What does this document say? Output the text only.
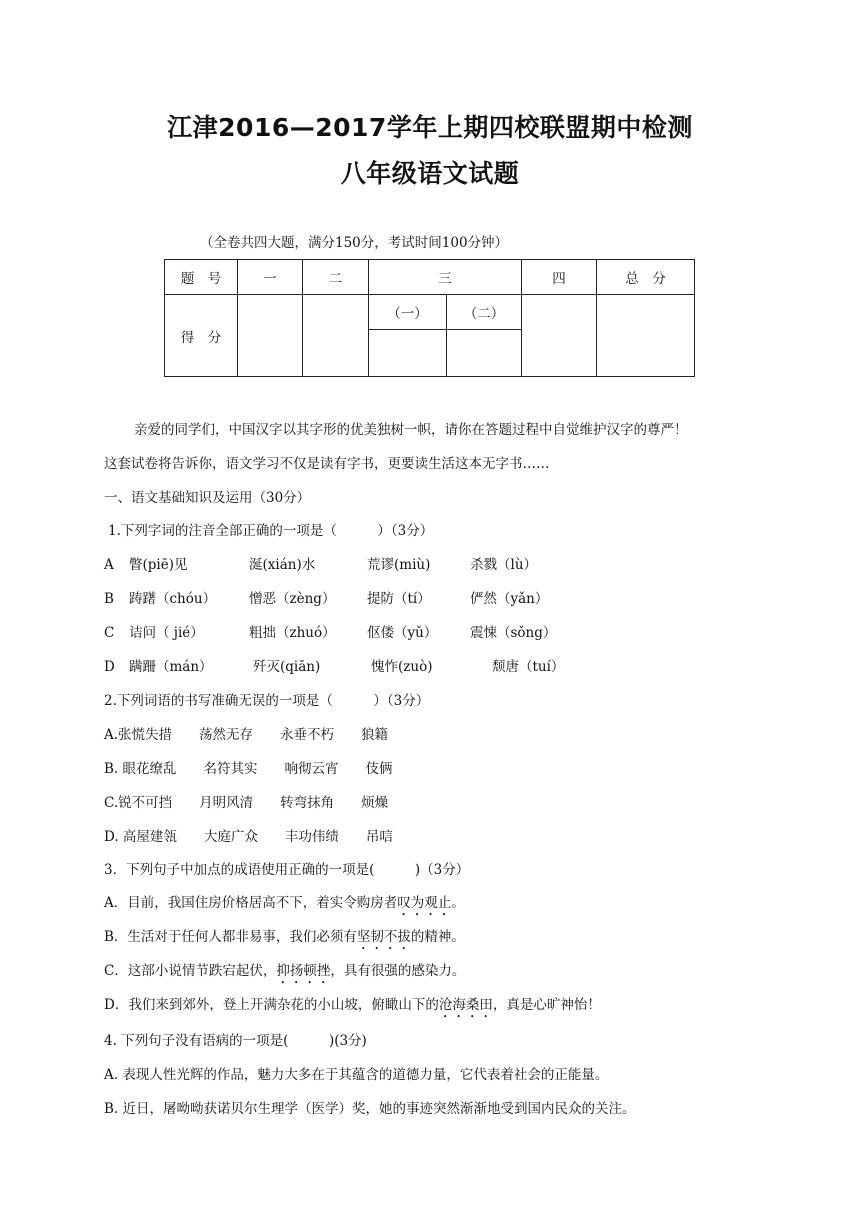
江津2016—2017学年上期四校联盟期中检测
八年级语文试题
（全卷共四大题，满分150分，考试时间100分钟）
题　号	一	二	三		四	总　分
得　分			（一）	（二）		

亲爱的同学们，中国汉字以其字形的优美独树一帜，请你在答题过程中自觉维护汉字的尊严！
这套试卷将告诉你，语文学习不仅是读有字书，更要读生活这本无字书……
一、语文基础知识及运用（30分）
1.下列字词的注音全部正确的一项是（　　　）（3分）
A 瞥(piē)见	涎(xián)水	荒谬(miù)	杀戮（lù）
B 踌躇（chóu） 憎恶（zèng） 提防（tí）	俨然（yǎn）
C 诘问（ jié）	粗拙（zhuó） 伛偻（yǔ） 震悚（sǒng）
D 蹒跚（mán）	歼灭(qiān)	愧怍(zuò)	颓唐（tuí）
2.下列词语的书写准确无误的一项是（　　　）（3分）
A.张慌失措　　荡然无存　　永垂不朽　　狼籍
B. 眼花缭乱　　名符其实　　响彻云宵　　伎俩
C.锐不可挡　　月明风清　　转弯抹角　　烦燥
D. 高屋建瓴　　大庭广众　　丰功伟绩　　吊唁
3．下列句子中加点的成语使用正确的一项是(　　　)（3分）
A．目前，我国住房价格居高不下，着实令购房者叹为观止。
B．生活对于任何人都非易事，我们必须有坚韧不拔的精神。
C．这部小说情节跌宕起伏，抑扬顿挫，具有很强的感染力。
D．我们来到郊外，登上开满杂花的小山坡，俯瞰山下的沧海桑田，真是心旷神怡！
4. 下列句子没有语病的一项是(　　　)(3分)
A. 表现人性光辉的作品，魅力大多在于其蕴含的道德力量，它代表着社会的正能量。
B. 近日，屠呦呦获诺贝尔生理学（医学）奖，她的事迹突然渐渐地受到国内民众的关注。
